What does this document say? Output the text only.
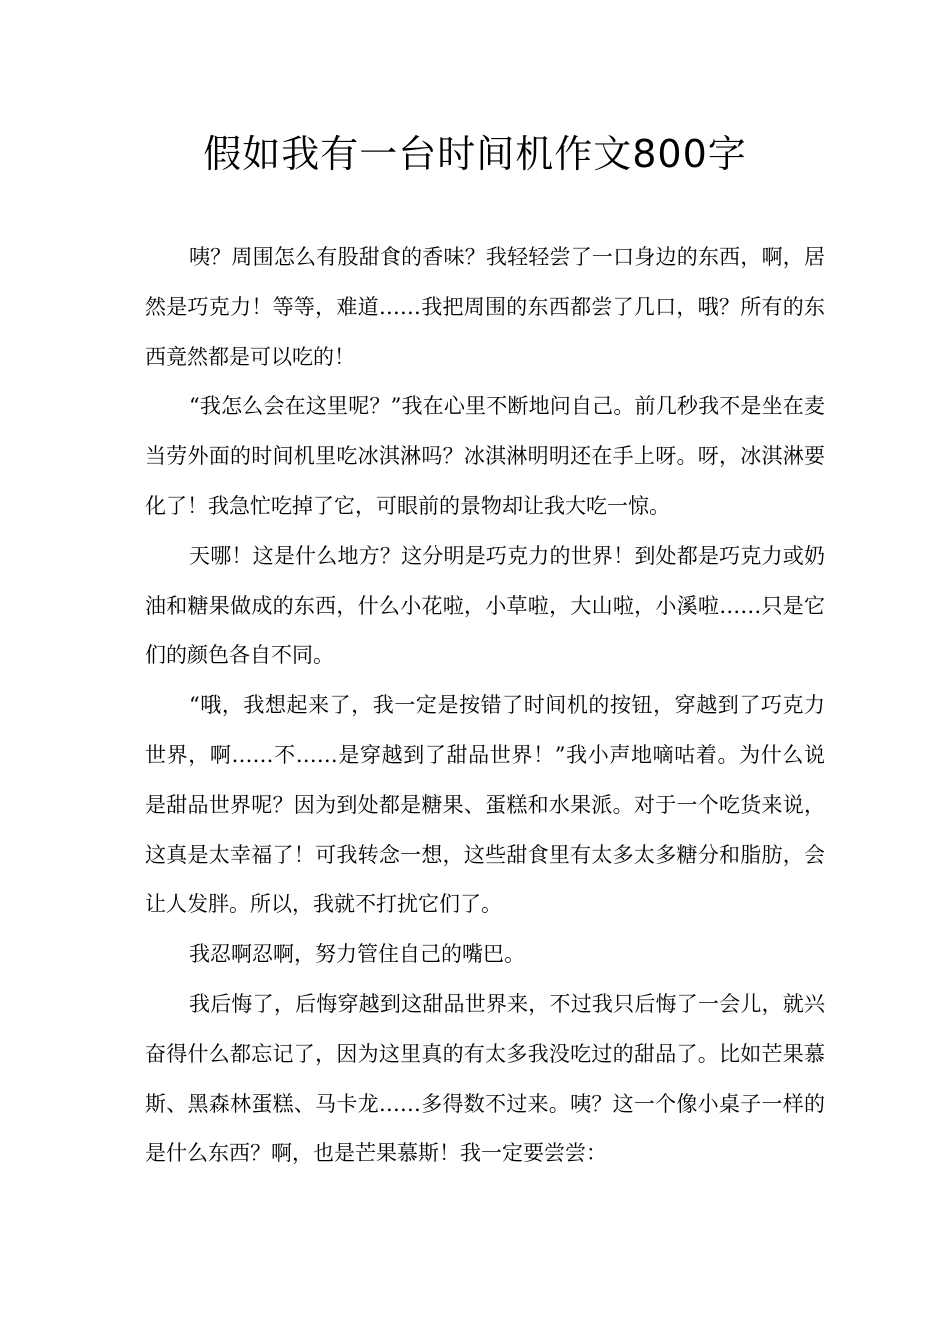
假如我有一台时间机作文800字

咦？周围怎么有股甜食的香味？我轻轻尝了一口身边的东西，啊，居然是巧克力！等等，难道……我把周围的东西都尝了几口，哦？所有的东西竟然都是可以吃的！

“我怎么会在这里呢？”我在心里不断地问自己。前几秒我不是坐在麦当劳外面的时间机里吃冰淇淋吗？冰淇淋明明还在手上呀。呀，冰淇淋要化了！我急忙吃掉了它，可眼前的景物却让我大吃一惊。

天哪！这是什么地方？这分明是巧克力的世界！到处都是巧克力或奶油和糖果做成的东西，什么小花啦，小草啦，大山啦，小溪啦……只是它们的颜色各自不同。

“哦，我想起来了，我一定是按错了时间机的按钮，穿越到了巧克力世界，啊……不……是穿越到了甜品世界！”我小声地嘀咕着。为什么说是甜品世界呢？因为到处都是糖果、蛋糕和水果派。对于一个吃货来说，这真是太幸福了！可我转念一想，这些甜食里有太多太多糖分和脂肪，会让人发胖。所以，我就不打扰它们了。

我忍啊忍啊，努力管住自己的嘴巴。

我后悔了，后悔穿越到这甜品世界来，不过我只后悔了一会儿，就兴奋得什么都忘记了，因为这里真的有太多我没吃过的甜品了。比如芒果慕斯、黑森林蛋糕、马卡龙……多得数不过来。咦？这一个像小桌子一样的是什么东西？啊，也是芒果慕斯！我一定要尝尝：
